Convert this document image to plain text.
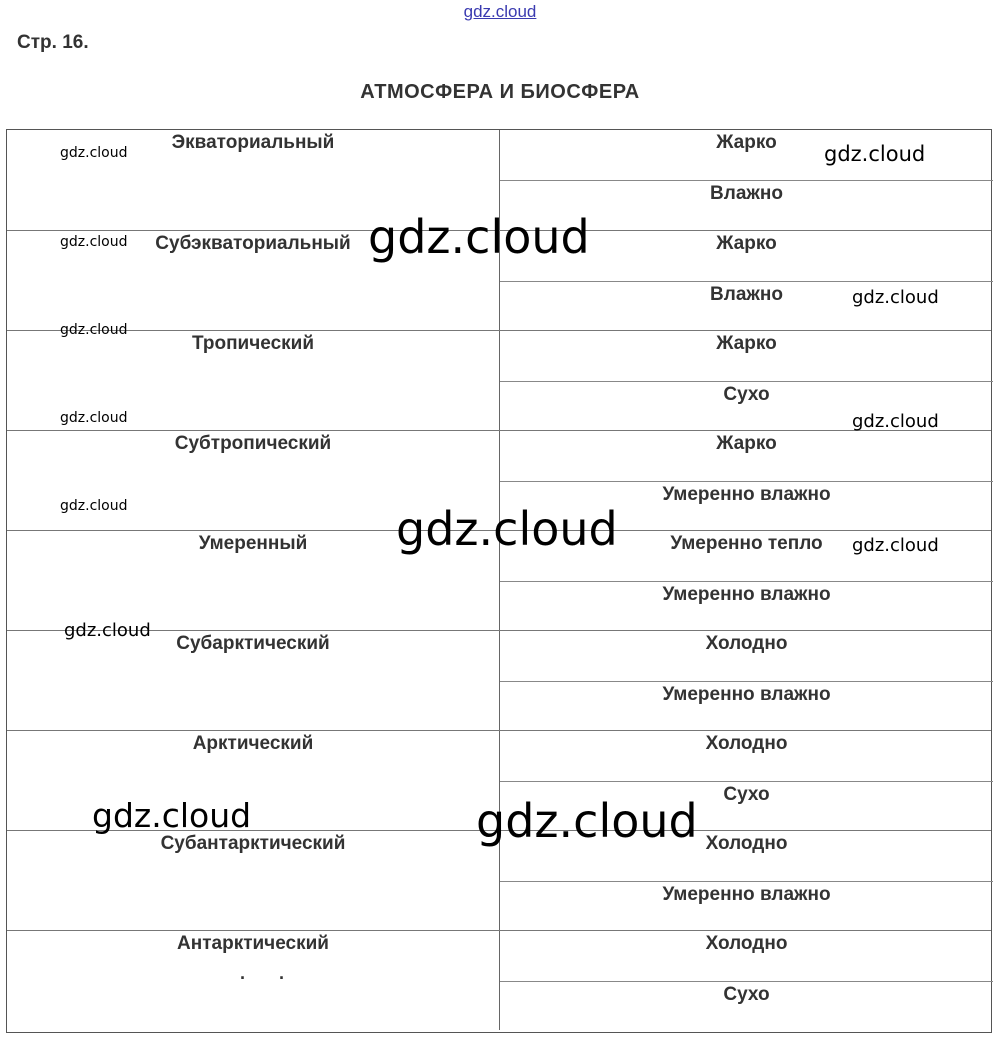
gdz.cloud
Стр. 16.
АТМОСФЕРА И БИОСФЕРА
Экваториальный	Жарко
Влажно
Субэкваториальный	Жарко
Влажно
Тропический	Жарко
Сухо
Субтропический	Жарко
Умеренно влажно
Умеренный	Умеренно тепло
Умеренно влажно
Субарктический	Холодно
Умеренно влажно
Арктический	Холодно
Сухо
Субантарктический	Холодно
Умеренно влажно
Антарктический	Холодно
Сухо
· ·
gdz.cloud	gdz.cloud
gdz.cloud	gdz.cloud
gdz.cloud
gdz.cloud
gdz.cloud	gdz.cloud
gdz.cloud	gdz.cloud	gdz.cloud
gdz.cloud
gdz.cloud	gdz.cloud
